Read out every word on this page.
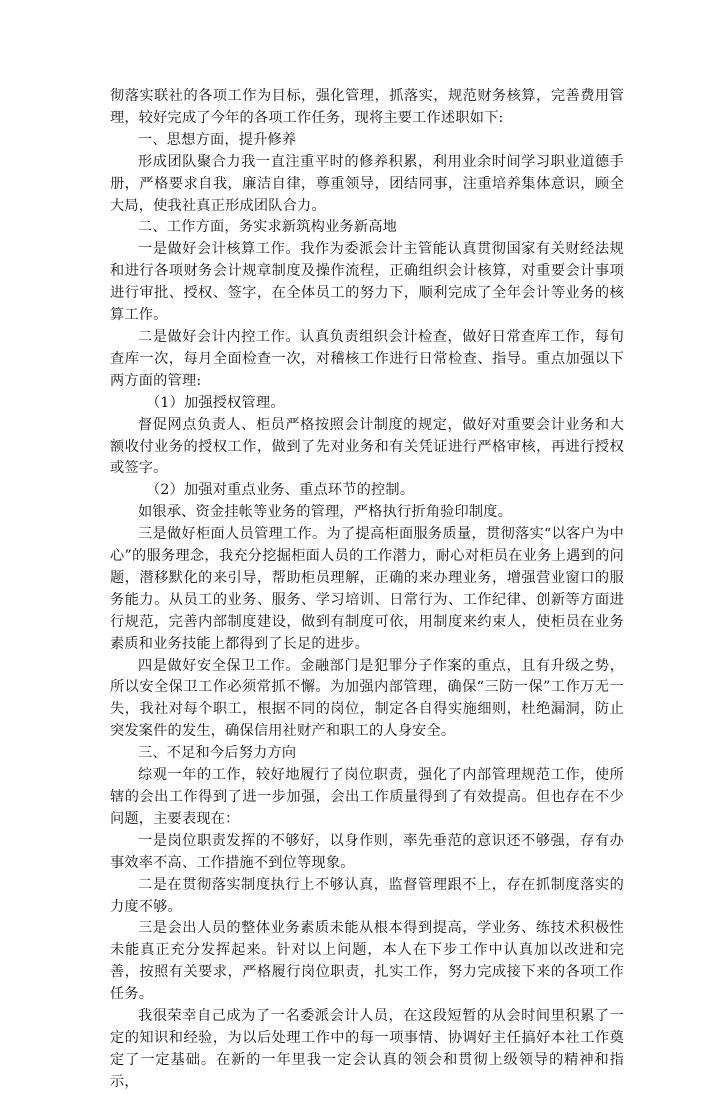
彻落实联社的各项工作为目标，强化管理，抓落实，规范财务核算，完善费用管理，较好完成了今年的各项工作任务，现将主要工作述职如下:

一、思想方面，提升修养

形成团队聚合力我一直注重平时的修养积累，利用业余时间学习职业道德手册，严格要求自我，廉洁自律，尊重领导，团结同事，注重培养集体意识，顾全大局，使我社真正形成团队合力。

二、工作方面，务实求新筑构业务新高地

一是做好会计核算工作。我作为委派会计主管能认真贯彻国家有关财经法规和进行各项财务会计规章制度及操作流程，正确组织会计核算，对重要会计事项进行审批、授权、签字，在全体员工的努力下，顺利完成了全年会计等业务的核算工作。

二是做好会计内控工作。认真负责组织会计检查，做好日常查库工作，每旬查库一次，每月全面检查一次，对稽核工作进行日常检查、指导。重点加强以下两方面的管理:

（1）加强授权管理。

督促网点负责人、柜员严格按照会计制度的规定，做好对重要会计业务和大额收付业务的授权工作，做到了先对业务和有关凭证进行严格审核，再进行授权或签字。

（2）加强对重点业务、重点环节的控制。

如银承、资金挂帐等业务的管理，严格执行折角验印制度。

三是做好柜面人员管理工作。为了提高柜面服务质量，贯彻落实“以客户为中心”的服务理念，我充分挖掘柜面人员的工作潜力，耐心对柜员在业务上遇到的问题，潜移默化的来引导，帮助柜员理解，正确的来办理业务，增强营业窗口的服务能力。从员工的业务、服务、学习培训、日常行为、工作纪律、创新等方面进行规范，完善内部制度建设，做到有制度可依，用制度来约束人，使柜员在业务素质和业务技能上都得到了长足的进步。

四是做好安全保卫工作。金融部门是犯罪分子作案的重点，且有升级之势，所以安全保卫工作必须常抓不懈。为加强内部管理，确保“三防一保”工作万无一失，我社对每个职工，根据不同的岗位，制定各自得实施细则，杜绝漏洞，防止突发案件的发生，确保信用社财产和职工的人身安全。

三、不足和今后努力方向

综观一年的工作，较好地履行了岗位职责，强化了内部管理规范工作，使所辖的会出工作得到了进一步加强，会出工作质量得到了有效提高。但也存在不少问题，主要表现在：

一是岗位职责发挥的不够好，以身作则，率先垂范的意识还不够强，存有办事效率不高、工作措施不到位等现象。

二是在贯彻落实制度执行上不够认真，监督管理跟不上，存在抓制度落实的力度不够。

三是会出人员的整体业务素质未能从根本得到提高，学业务、练技术积极性未能真正充分发挥起来。针对以上问题，本人在下步工作中认真加以改进和完善，按照有关要求，严格履行岗位职责，扎实工作，努力完成接下来的各项工作任务。

我很荣幸自己成为了一名委派会计人员，在这段短暂的从会时间里积累了一定的知识和经验，为以后处理工作中的每一项事情、协调好主任搞好本社工作奠定了一定基础。在新的一年里我一定会认真的领会和贯彻上级领导的精神和指示，
